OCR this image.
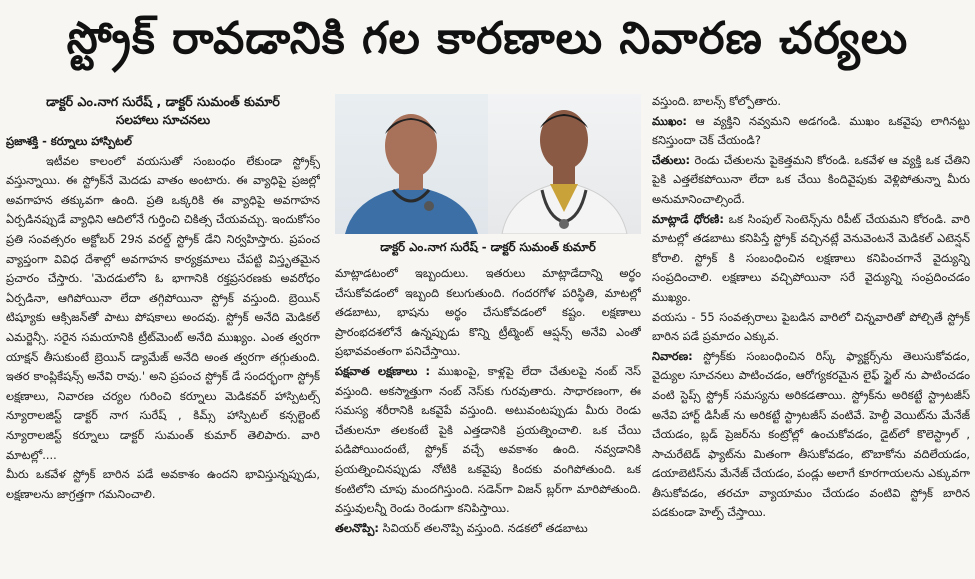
స్ట్రోక్ రావడానికి గల కారణాలు నివారణ చర్యలు
డాక్టర్ ఎం.నాగ సురేష్ , డాక్టర్ సుమంత్ కుమార్
సలహాలు సూచనలు
ప్రజాశక్తి - కర్నూలు హాస్పిటల్

ఇటీవల కాలంలో వయసుతో సంబంధం లేకుండా స్ట్రోక్స్ వస్తున్నాయి. ఈ స్ట్రోక్‌నే మెదడు వాతం అంటారు. ఈ వ్యాధిపై ప్రజల్లో అవగాహన తక్కువగా ఉంది. ప్రతి ఒక్కరికి ఈ వ్యాధిపై అవగాహన ఏర్పడినప్పుడే వ్యాధిని ఆదిలోనే గుర్తించి చికిత్స చేయవచ్చు. ఇందుకోసం ప్రతి సంవత్సరం అక్టోబర్ 29న వరల్డ్ స్ట్రోక్ డేని నిర్వహిస్తారు. ప్రపంచ వ్యాప్తంగా వివిధ దేశాల్లో అవగాహన కార్యక్రమాలు చేపట్టి విస్తృతమైన ప్రచారం చేస్తారు. 'మెదడులోని ఓ భాగానికి రక్తప్రసరణకు అవరోధం ఏర్పడినా, ఆగిపోయినా లేదా తగ్గిపోయినా స్ట్రోక్ వస్తుంది. బ్రెయిన్ టిష్యూకు ఆక్సిజన్‌తో పాటు పోషకాలు అందవు. స్ట్రోక్ అనేది మెడికల్ ఎమర్జెన్సీ. సరైన సమయానికి ట్రీట్‌మెంట్ అనేది ముఖ్యం. ఎంత త్వరగా యాక్షన్ తీసుకుంటే బ్రెయిన్ డ్యామేజ్ అనేది అంత త్వరగా తగ్గుతుంది. ఇతర కాంప్లికేషన్స్ అనేవి రావు.' అని ప్రపంచ స్ట్రోక్ డే సందర్భంగా స్ట్రోక్ లక్షణాలు, నివారణ చర్యల గురించి కర్నూలు మెడికవర్ హాస్పిటల్స్ న్యూరాలజిస్ట్ డాక్టర్ నాగ సురేష్ , కిమ్స్ హాస్పిటల్ కన్సల్టెంట్ న్యూరాలజిస్ట్ కర్నూలు డాక్టర్ సుమంత్ కుమార్ తెలిపారు. వారి మాటల్లో....

మీరు ఒకవేళ స్ట్రోక్ బారిన పడే అవకాశం ఉందని భావిస్తున్నప్పుడు, లక్షణాలను జాగ్రత్తగా గమనించాలి.

డాక్టర్ ఎం.నాగ సురేష్ - డాక్టర్ సుమంత్ కుమార్

మాట్లాడటంలో ఇబ్బందులు. ఇతరులు మాట్లాడేదాన్ని అర్థం చేసుకోవడంలో ఇబ్బంది కలుగుతుంది. గందరగోళ పరిస్థితి, మాటల్లో తడబాటు, భాషను అర్థం చేసుకోవడంలో కష్టం. లక్షణాలు ప్రారంభదశలోనే ఉన్నప్పుడు కొన్ని ట్రీట్మెంట్ ఆప్షన్స్ అనేవి ఎంతో ప్రభావవంతంగా పనిచేస్తాయి.

పక్షవాత లక్షణాలు : ముఖంపై, కాళ్లపై లేదా చేతులపై నంబ్ నెస్ వస్తుంది. అకస్మాత్తుగా నంబ్ నెస్‌కు గురవుతారు. సాధారణంగా, ఈ సమస్య శరీరానికి ఒకవైపే వస్తుంది. అటువంటప్పుడు మీరు రెండు చేతులనూ తలకంటే పైకి ఎత్తడానికి ప్రయత్నించాలి. ఒక చేయి పడిపోయిందంటే, స్ట్రోక్ వచ్చే అవకాశం ఉంది. నవ్వడానికి ప్రయత్నించినప్పుడు నోటికి ఒకవైపు కిందకు వంగిపోతుంది. ఒక కంటిలోని చూపు మందగిస్తుంది. సడెన్‌గా విజన్ బ్లర్‌గా మారిపోతుంది. వస్తువులన్నీ రెండు రెండుగా కనిపిస్తాయి.

తలనొప్పి: సివియర్ తలనొప్పి వస్తుంది. నడకలో తడబాటు

వస్తుంది. బాలన్స్ కోల్పోతారు.

ముఖం: ఆ వ్యక్తిని నవ్వమని అడగండి. ముఖం ఒకవైపు లాగినట్టు కనిస్తుందా చెక్ చేయండి?

చేతులు: రెండు చేతులను పైకెత్తమని కోరండి. ఒకవేళ ఆ వ్యక్తి ఒక చేతిని పైకి ఎత్తలేకపోయినా లేదా ఒక చేయి కిందివైపుకు వెళ్లిపోతున్నా మీరు అనుమానించాల్సిందే.

మాట్లాడే ధోరణి: ఒక సింపుల్ సెంటెన్స్‌ను రిపీట్ చేయమని కోరండి. వారి మాటల్లో తడబాటు కనిపిస్తే స్ట్రోక్ వచ్చినట్లే వెనువెంటనే మెడికల్ ఎటెన్షన్ కోరాలి. స్ట్రోక్ కి సంబంధించిన లక్షణాలు కనిపించగానే వైద్యున్ని సంప్రదించాలి. లక్షణాలు వచ్చిపోయినా సరే వైద్యున్ని సంప్రదించడం ముఖ్యం.

వయసు - 55 సంవత్సరాలు పైబడిన వారిలో చిన్నవారితో పోల్చితే స్ట్రోక్ బారిన పడే ప్రమాదం ఎక్కువ.

నివారణ: స్ట్రోక్‌కు సంబంధించిన రిస్క్ ఫ్యాక్టర్స్‌ను తెలుసుకోవడం, వైద్యుల సూచనలు పాటించడం, ఆరోగ్యకరమైన లైఫ్ స్టైల్ ను పాటించడం వంటి స్టెప్స్ స్ట్రోక్ సమస్యను అరికడతాయి. స్ట్రోక్‌ను అరికట్టే స్ట్రాటజీస్ అనేవి హార్ట్ డిసీజ్ ను అరికట్టే స్ట్రాటజీస్ వంటివే. హెల్దీ వెయిట్‌ను మేనేజ్ చేయడం, బ్లడ్ ప్రెజర్‌ను కంట్రోల్లో ఉంచుకోవడం, డైట్‌లో కొలెస్ట్రాల్ , సాచురేటెడ్ ఫ్యాట్‌ను మితంగా తీసుకోవడం, టొబాకోను వదిలేయడం, డయాబెటిస్‌ను మేనేజ్ చేయడం, పండ్లు అలాగే కూరగాయలను ఎక్కువగా తీసుకోవడం, తరచూ వ్యాయామం చేయడం వంటివి స్ట్రోక్ బారిన పడకుండా హెల్ప్ చేస్తాయి.
